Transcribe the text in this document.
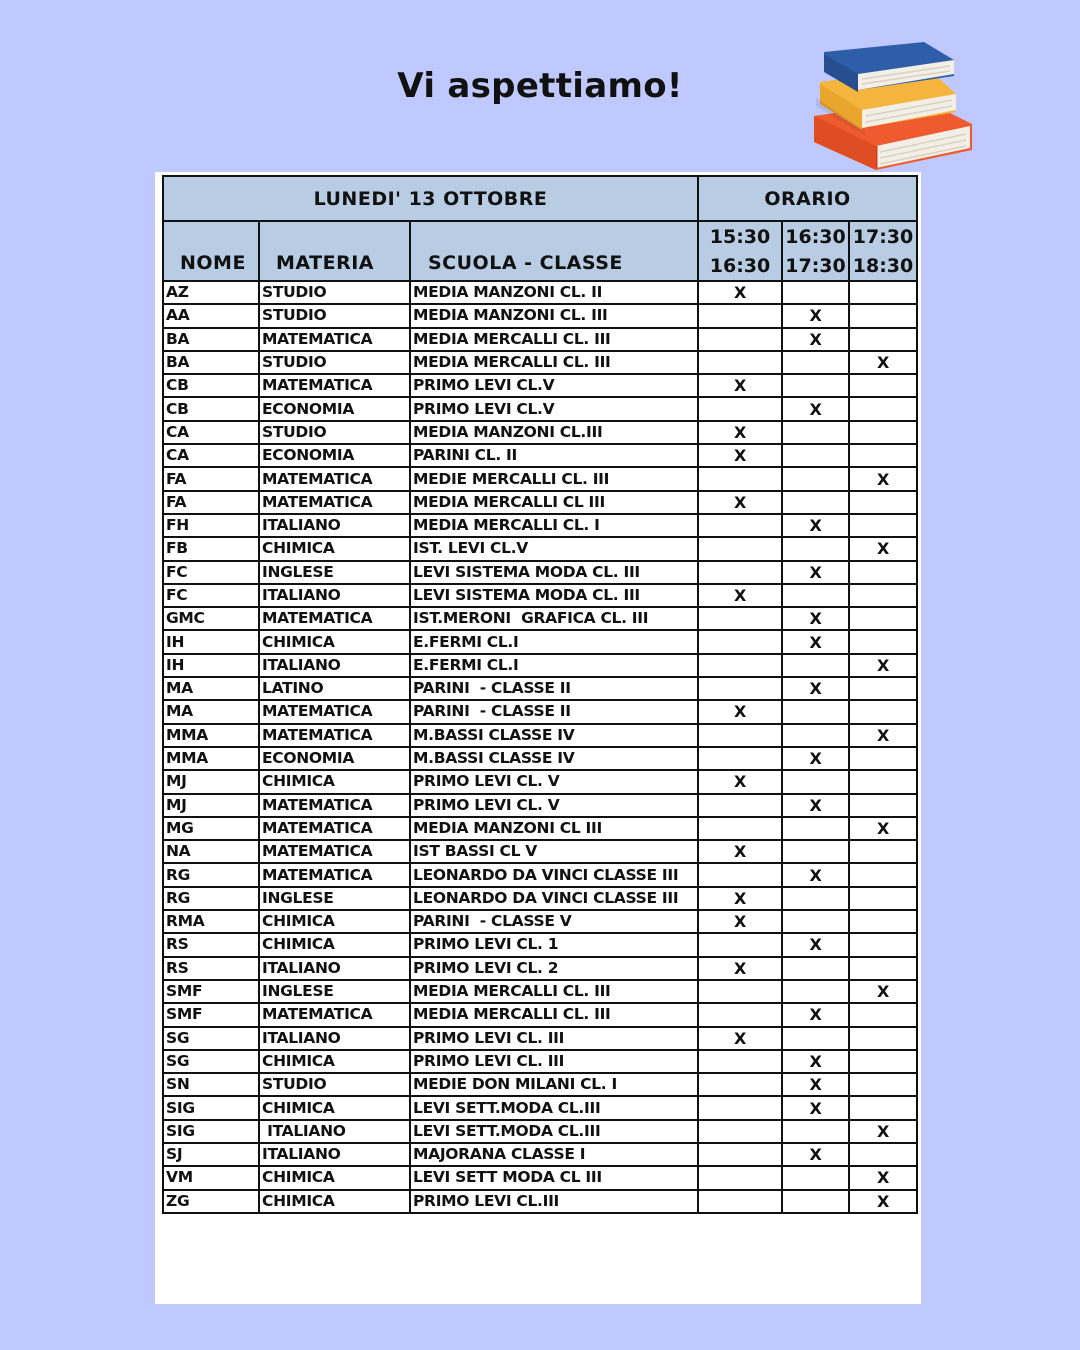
Vi aspettiamo!
LUNEDI' 13 OTTOBRE			ORARIO		
NOME	MATERIA	SCUOLA - CLASSE	15:30	16:30	17:30
			16:30	17:30	18:30
AZ	STUDIO	MEDIA MANZONI CL. II	X		
AA	STUDIO	MEDIA MANZONI CL. III		X	
BA	MATEMATICA	MEDIA MERCALLI CL. III		X	
BA	STUDIO	MEDIA MERCALLI CL. III			X
CB	MATEMATICA	PRIMO LEVI CL.V	X		
CB	ECONOMIA	PRIMO LEVI CL.V		X	
CA	STUDIO	MEDIA MANZONI CL.III	X		
CA	ECONOMIA	PARINI CL. II	X		
FA	MATEMATICA	MEDIE MERCALLI CL. III			X
FA	MATEMATICA	MEDIA MERCALLI CL III	X		
FH	ITALIANO	MEDIA MERCALLI CL. I		X	
FB	CHIMICA	IST. LEVI CL.V			X
FC	INGLESE	LEVI SISTEMA MODA CL. III		X	
FC	ITALIANO	LEVI SISTEMA MODA CL. III	X		
GMC	MATEMATICA	IST.MERONI  GRAFICA CL. III		X	
IH	CHIMICA	E.FERMI CL.I		X	
IH	ITALIANO	E.FERMI CL.I			X
MA	LATINO	PARINI  - CLASSE II		X	
MA	MATEMATICA	PARINI  - CLASSE II	X		
MMA	MATEMATICA	M.BASSI CLASSE IV			X
MMA	ECONOMIA	M.BASSI CLASSE IV		X	
MJ	CHIMICA	PRIMO LEVI CL. V	X		
MJ	MATEMATICA	PRIMO LEVI CL. V		X	
MG	MATEMATICA	MEDIA MANZONI CL III			X
NA	MATEMATICA	IST BASSI CL V	X		
RG	MATEMATICA	LEONARDO DA VINCI CLASSE III		X	
RG	INGLESE	LEONARDO DA VINCI CLASSE III	X		
RMA	CHIMICA	PARINI  - CLASSE V	X		
RS	CHIMICA	PRIMO LEVI CL. 1		X	
RS	ITALIANO	PRIMO LEVI CL. 2	X		
SMF	INGLESE	MEDIA MERCALLI CL. III			X
SMF	MATEMATICA	MEDIA MERCALLI CL. III		X	
SG	ITALIANO	PRIMO LEVI CL. III	X		
SG	CHIMICA	PRIMO LEVI CL. III		X	
SN	STUDIO	MEDIE DON MILANI CL. I		X	
SIG	CHIMICA	LEVI SETT.MODA CL.III		X	
SIG	ITALIANO	LEVI SETT.MODA CL.III			X
SJ	ITALIANO	MAJORANA CLASSE I		X	
VM	CHIMICA	LEVI SETT MODA CL III			X
ZG	CHIMICA	PRIMO LEVI CL.III			X
